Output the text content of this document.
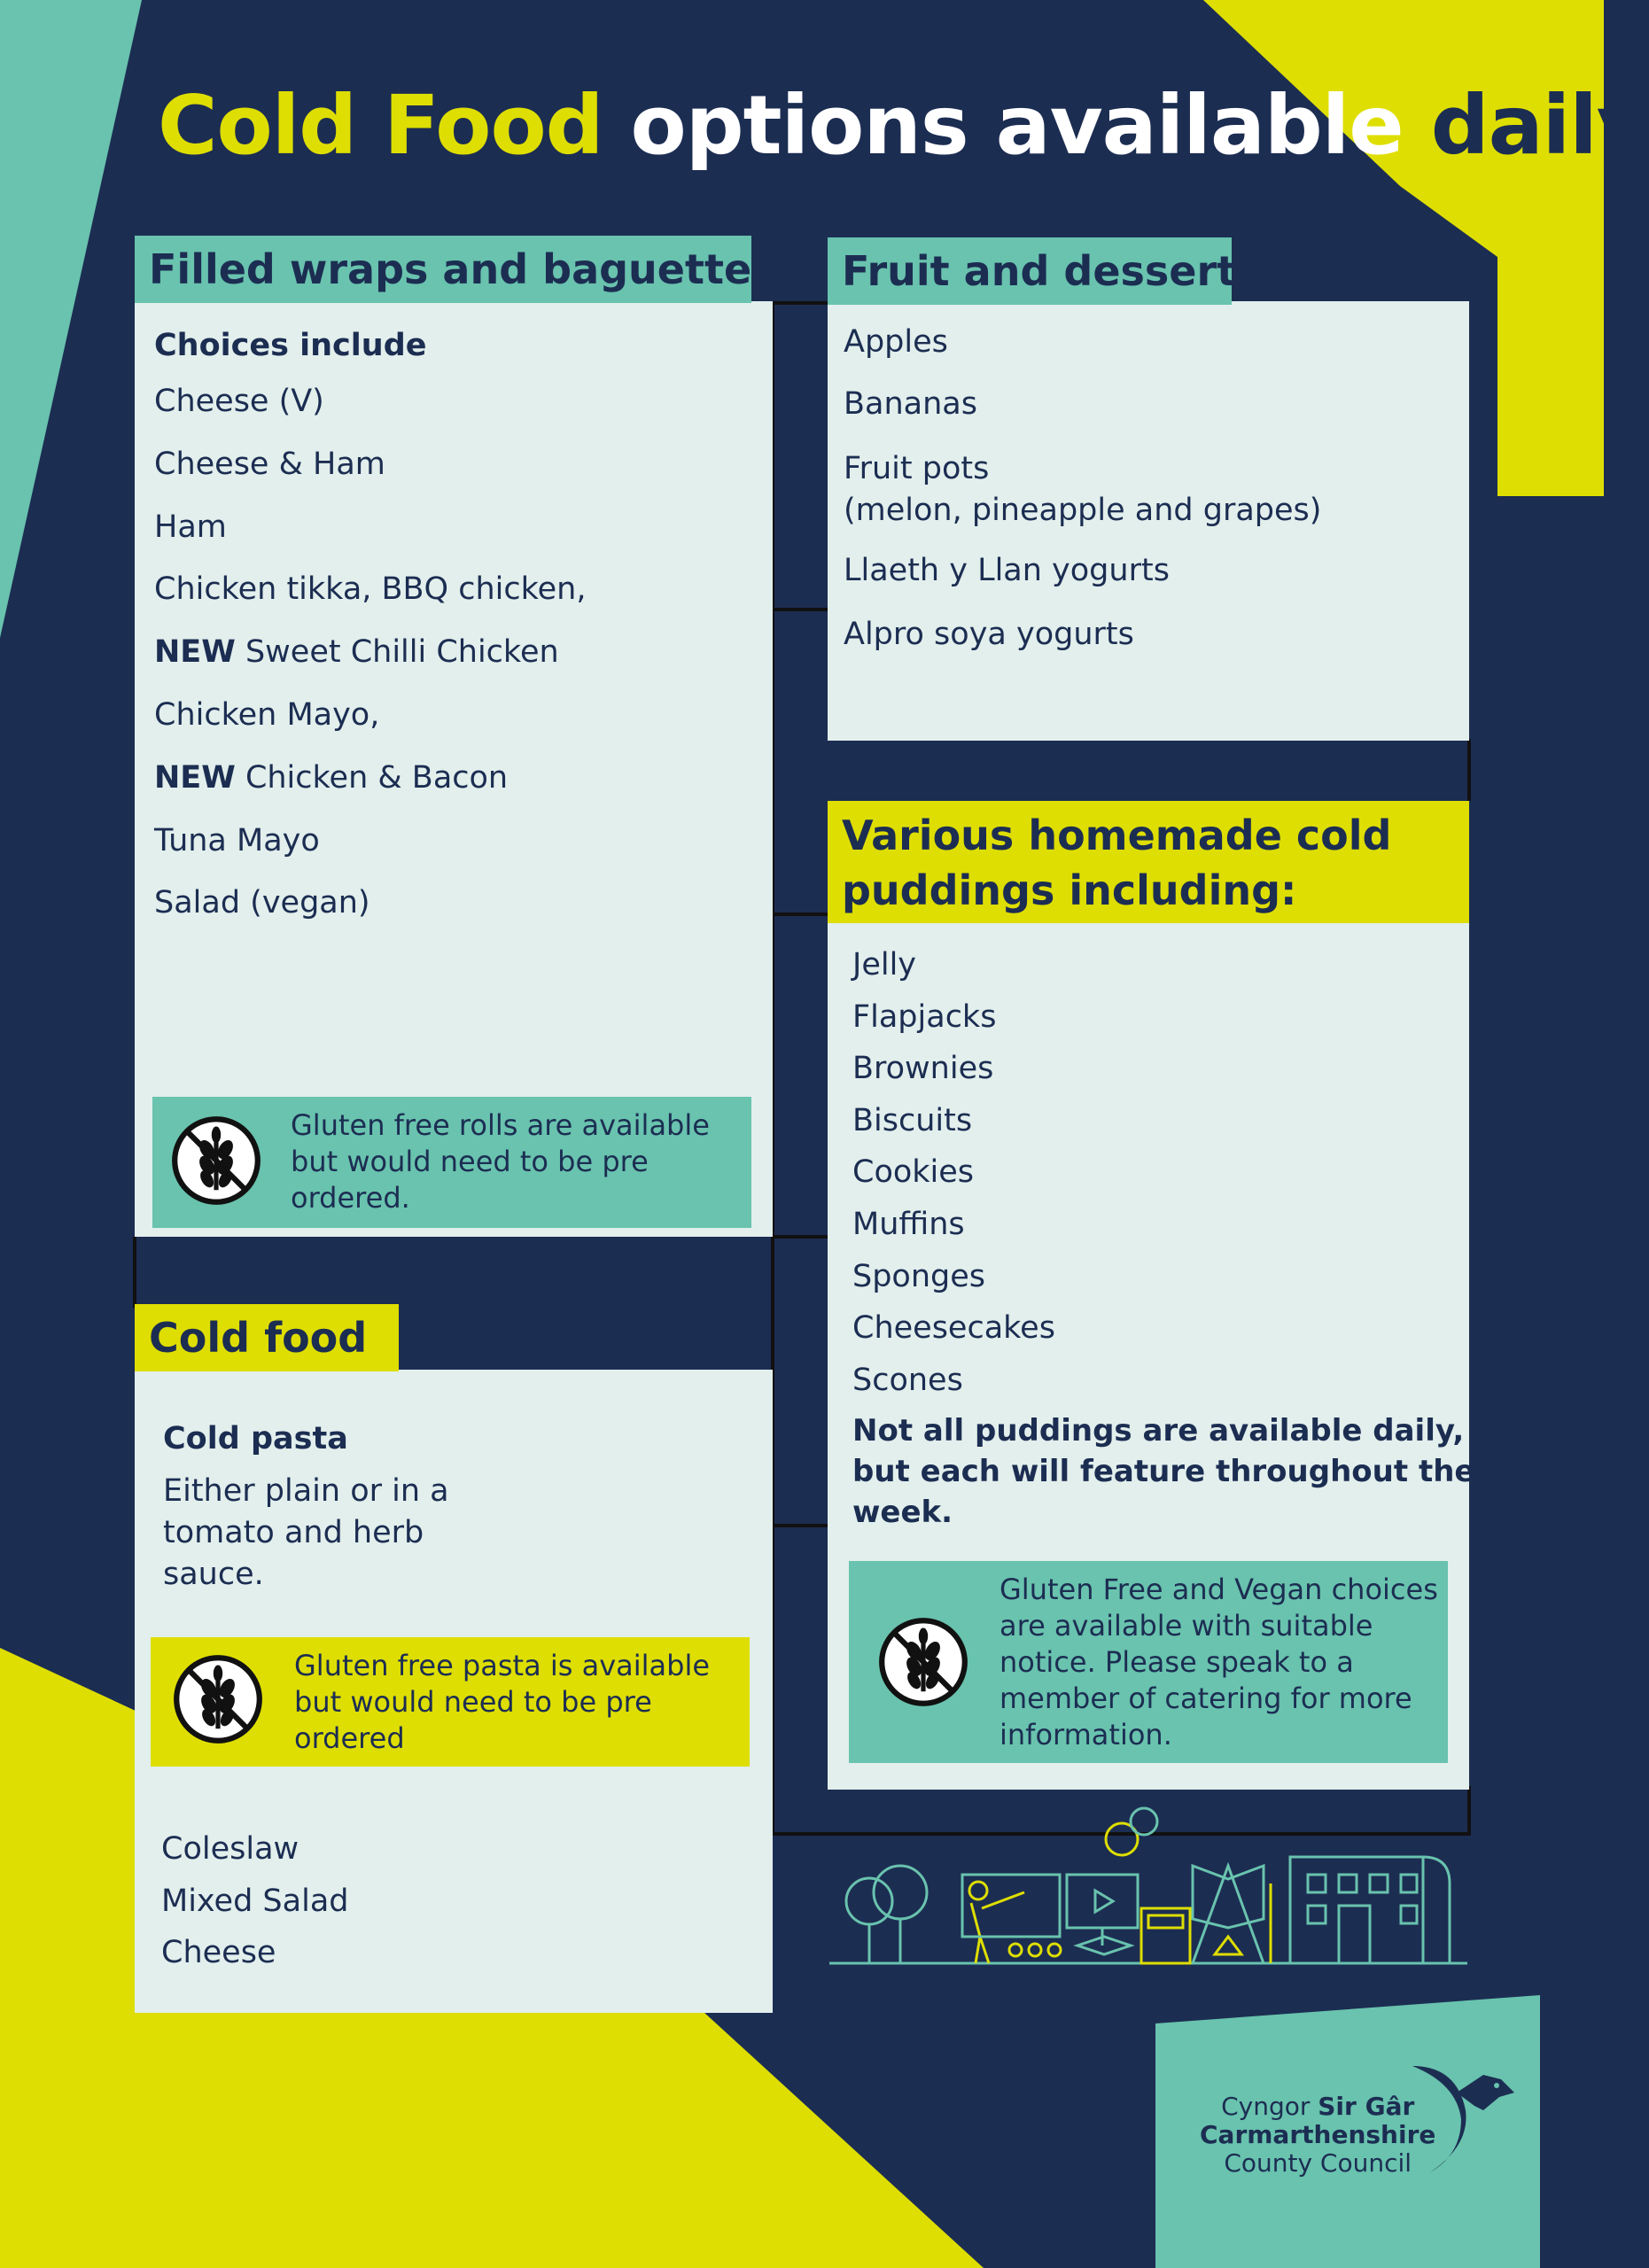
Cold Food options available daily
Filled wraps and baguettes
Choices include
Cheese (V)
Cheese & Ham
Ham
Chicken tikka, BBQ chicken,
NEW Sweet Chilli Chicken
Chicken Mayo,
NEW Chicken & Bacon
Tuna Mayo
Salad (vegan)
Gluten free rolls are available
but would need to be pre
ordered.
Fruit and dessert
Apples
Bananas
Fruit pots
(melon, pineapple and grapes)
Llaeth y Llan yogurts
Alpro soya yogurts
Various homemade cold
puddings including:
Jelly
Flapjacks
Brownies
Biscuits
Cookies
Muffins
Sponges
Cheesecakes
Scones
Not all puddings are available daily,
but each will feature throughout the
week.
Gluten Free and Vegan choices
are available with suitable
notice. Please speak to a
member of catering for more
information.
Cold food
Cold pasta
Either plain or in a
tomato and herb
sauce.
Gluten free pasta is available
but would need to be pre
ordered
Coleslaw
Mixed Salad
Cheese
Cyngor Sir Gâr
Carmarthenshire
County Council
